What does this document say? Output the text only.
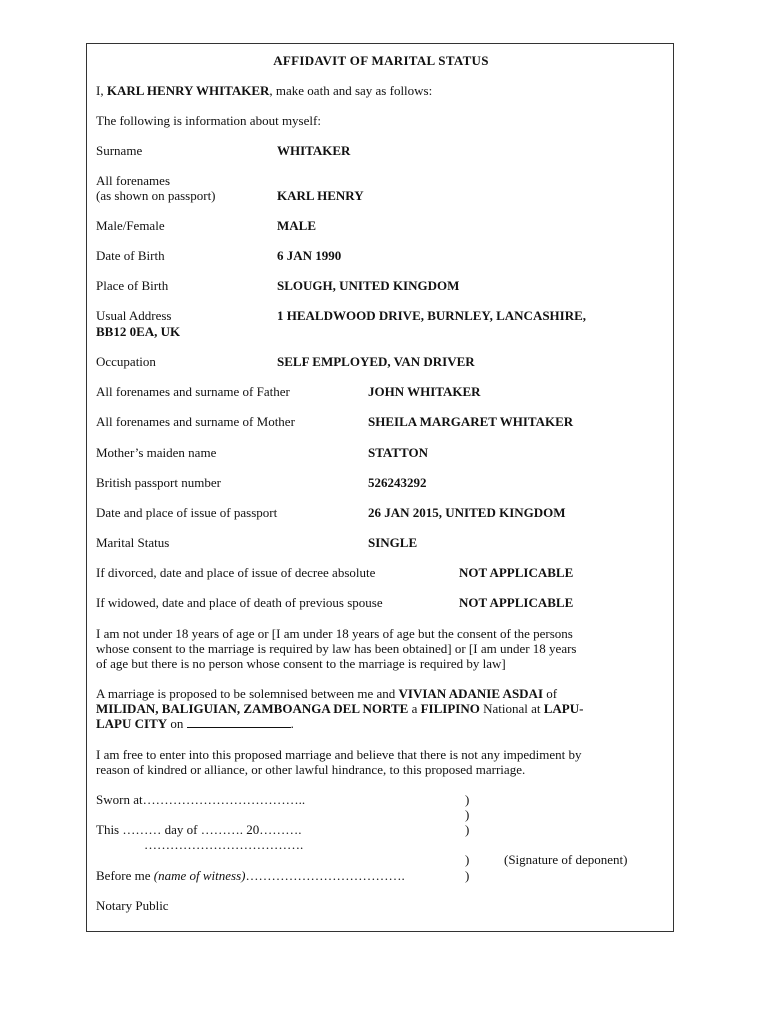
AFFIDAVIT OF MARITAL STATUS
I, KARL HENRY WHITAKER, make oath and say as follows:
The following is information about myself:
Surname	WHITAKER
All forenames
(as shown on passport)	KARL HENRY
Male/Female	MALE
Date of Birth	6 JAN 1990
Place of Birth	SLOUGH, UNITED KINGDOM
Usual Address	1 HEALDWOOD DRIVE, BURNLEY, LANCASHIRE,
BB12 0EA, UK
Occupation	SELF EMPLOYED, VAN DRIVER
All forenames and surname of Father	JOHN WHITAKER
All forenames and surname of Mother	SHEILA MARGARET WHITAKER
Mother’s maiden name	STATTON
British passport number	526243292
Date and place of issue of passport	26 JAN 2015, UNITED KINGDOM
Marital Status	SINGLE
If divorced, date and place of issue of decree absolute	NOT APPLICABLE
If widowed, date and place of death of previous spouse	NOT APPLICABLE
I am not under 18 years of age or [I am under 18 years of age but the consent of the persons
whose consent to the marriage is required by law has been obtained] or [I am under 18 years
of age but there is no person whose consent to the marriage is required by law]
A marriage is proposed to be solemnised between me and VIVIAN ADANIE ASDAI of
MILIDAN, BALIGUIAN, ZAMBOANGA DEL NORTE a FILIPINO National at LAPU-
LAPU CITY on	.
I am free to enter into this proposed marriage and believe that there is not any impediment by
reason of kindred or alliance, or other lawful hindrance, to this proposed marriage.
Sworn at………………………………..	)
)
This ……… day of ………. 20……….	)
……………………………….
)	(Signature of deponent)
Before me (name of witness)……………………………….	)
Notary Public
